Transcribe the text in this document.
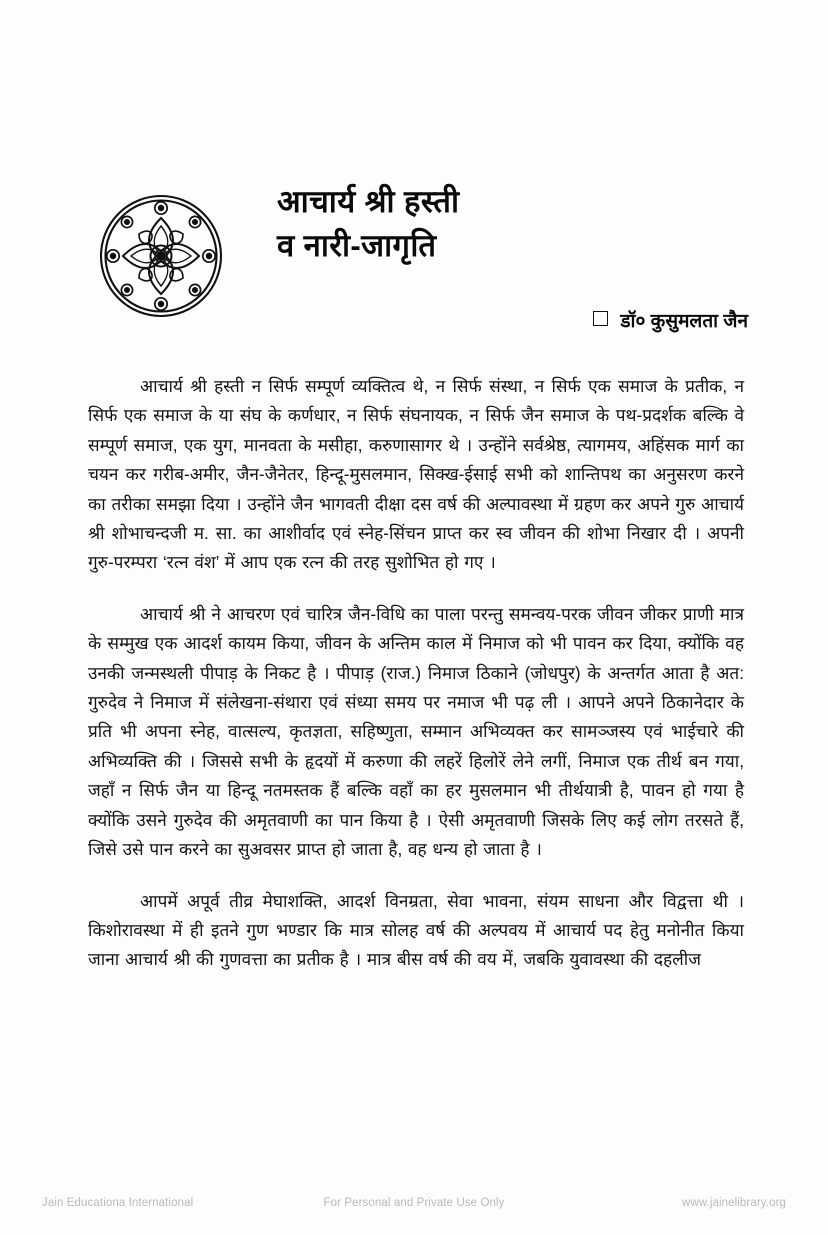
आचार्य श्री हस्ती
व नारी-जागृति
डॉ० कुसुमलता जैन

आचार्य श्री हस्ती न सिर्फ सम्पूर्ण व्यक्तित्व थे, न सिर्फ संस्था, न सिर्फ एक समाज के प्रतीक, न सिर्फ एक समाज के या संघ के कर्णधार, न सिर्फ संघनायक, न सिर्फ जैन समाज के पथ-प्रदर्शक बल्कि वे सम्पूर्ण समाज, एक युग, मानवता के मसीहा, करुणासागर थे । उन्होंने सर्वश्रेष्ठ, त्यागमय, अहिंसक मार्ग का चयन कर गरीब-अमीर, जैन-जैनेतर, हिन्दू-मुसलमान, सिक्ख-ईसाई सभी को शान्तिपथ का अनुसरण करने का तरीका समझा दिया । उन्होंने जैन भागवती दीक्षा दस वर्ष की अल्पावस्था में ग्रहण कर अपने गुरु आचार्य श्री शोभाचन्दजी म. सा. का आशीर्वाद एवं स्नेह-सिंचन प्राप्त कर स्व जीवन की शोभा निखार दी । अपनी गुरु-परम्परा ‘रत्न वंश’ में आप एक रत्न की तरह सुशोभित हो गए ।

आचार्य श्री ने आचरण एवं चारित्र जैन-विधि का पाला परन्तु समन्वय-परक जीवन जीकर प्राणी मात्र के सम्मुख एक आदर्श कायम किया, जीवन के अन्तिम काल में निमाज को भी पावन कर दिया, क्योंकि वह उनकी जन्मस्थली पीपाड़ के निकट है । पीपाड़ (राज.) निमाज ठिकाने (जोधपुर) के अन्तर्गत आता है अत: गुरुदेव ने निमाज में संलेखना-संथारा एवं संध्या समय पर नमाज भी पढ़ ली । आपने अपने ठिकानेदार के प्रति भी अपना स्नेह, वात्सल्य, कृतज्ञता, सहिष्णुता, सम्मान अभिव्यक्त कर सामञ्जस्य एवं भाईचारे की अभिव्यक्ति की । जिससे सभी के हृदयों में करुणा की लहरें हिलोरें लेने लगीं, निमाज एक तीर्थ बन गया, जहाँ न सिर्फ जैन या हिन्दू नतमस्तक हैं बल्कि वहाँ का हर मुसलमान भी तीर्थयात्री है, पावन हो गया है क्योंकि उसने गुरुदेव की अमृतवाणी का पान किया है । ऐसी अमृतवाणी जिसके लिए कई लोग तरसते हैं, जिसे उसे पान करने का सुअवसर प्राप्त हो जाता है, वह धन्य हो जाता है ।

आपमें अपूर्व तीव्र मेघाशक्ति, आदर्श विनम्रता, सेवा भावना, संयम साधना और विद्वत्ता थी । किशोरावस्था में ही इतने गुण भण्डार कि मात्र सोलह वर्ष की अल्पवय में आचार्य पद हेतु मनोनीत किया जाना आचार्य श्री की गुणवत्ता का प्रतीक है । मात्र बीस वर्ष की वय में, जबकि युवावस्था की दहलीज

Jain Educationa International	For Personal and Private Use Only	www.jainelibrary.org
